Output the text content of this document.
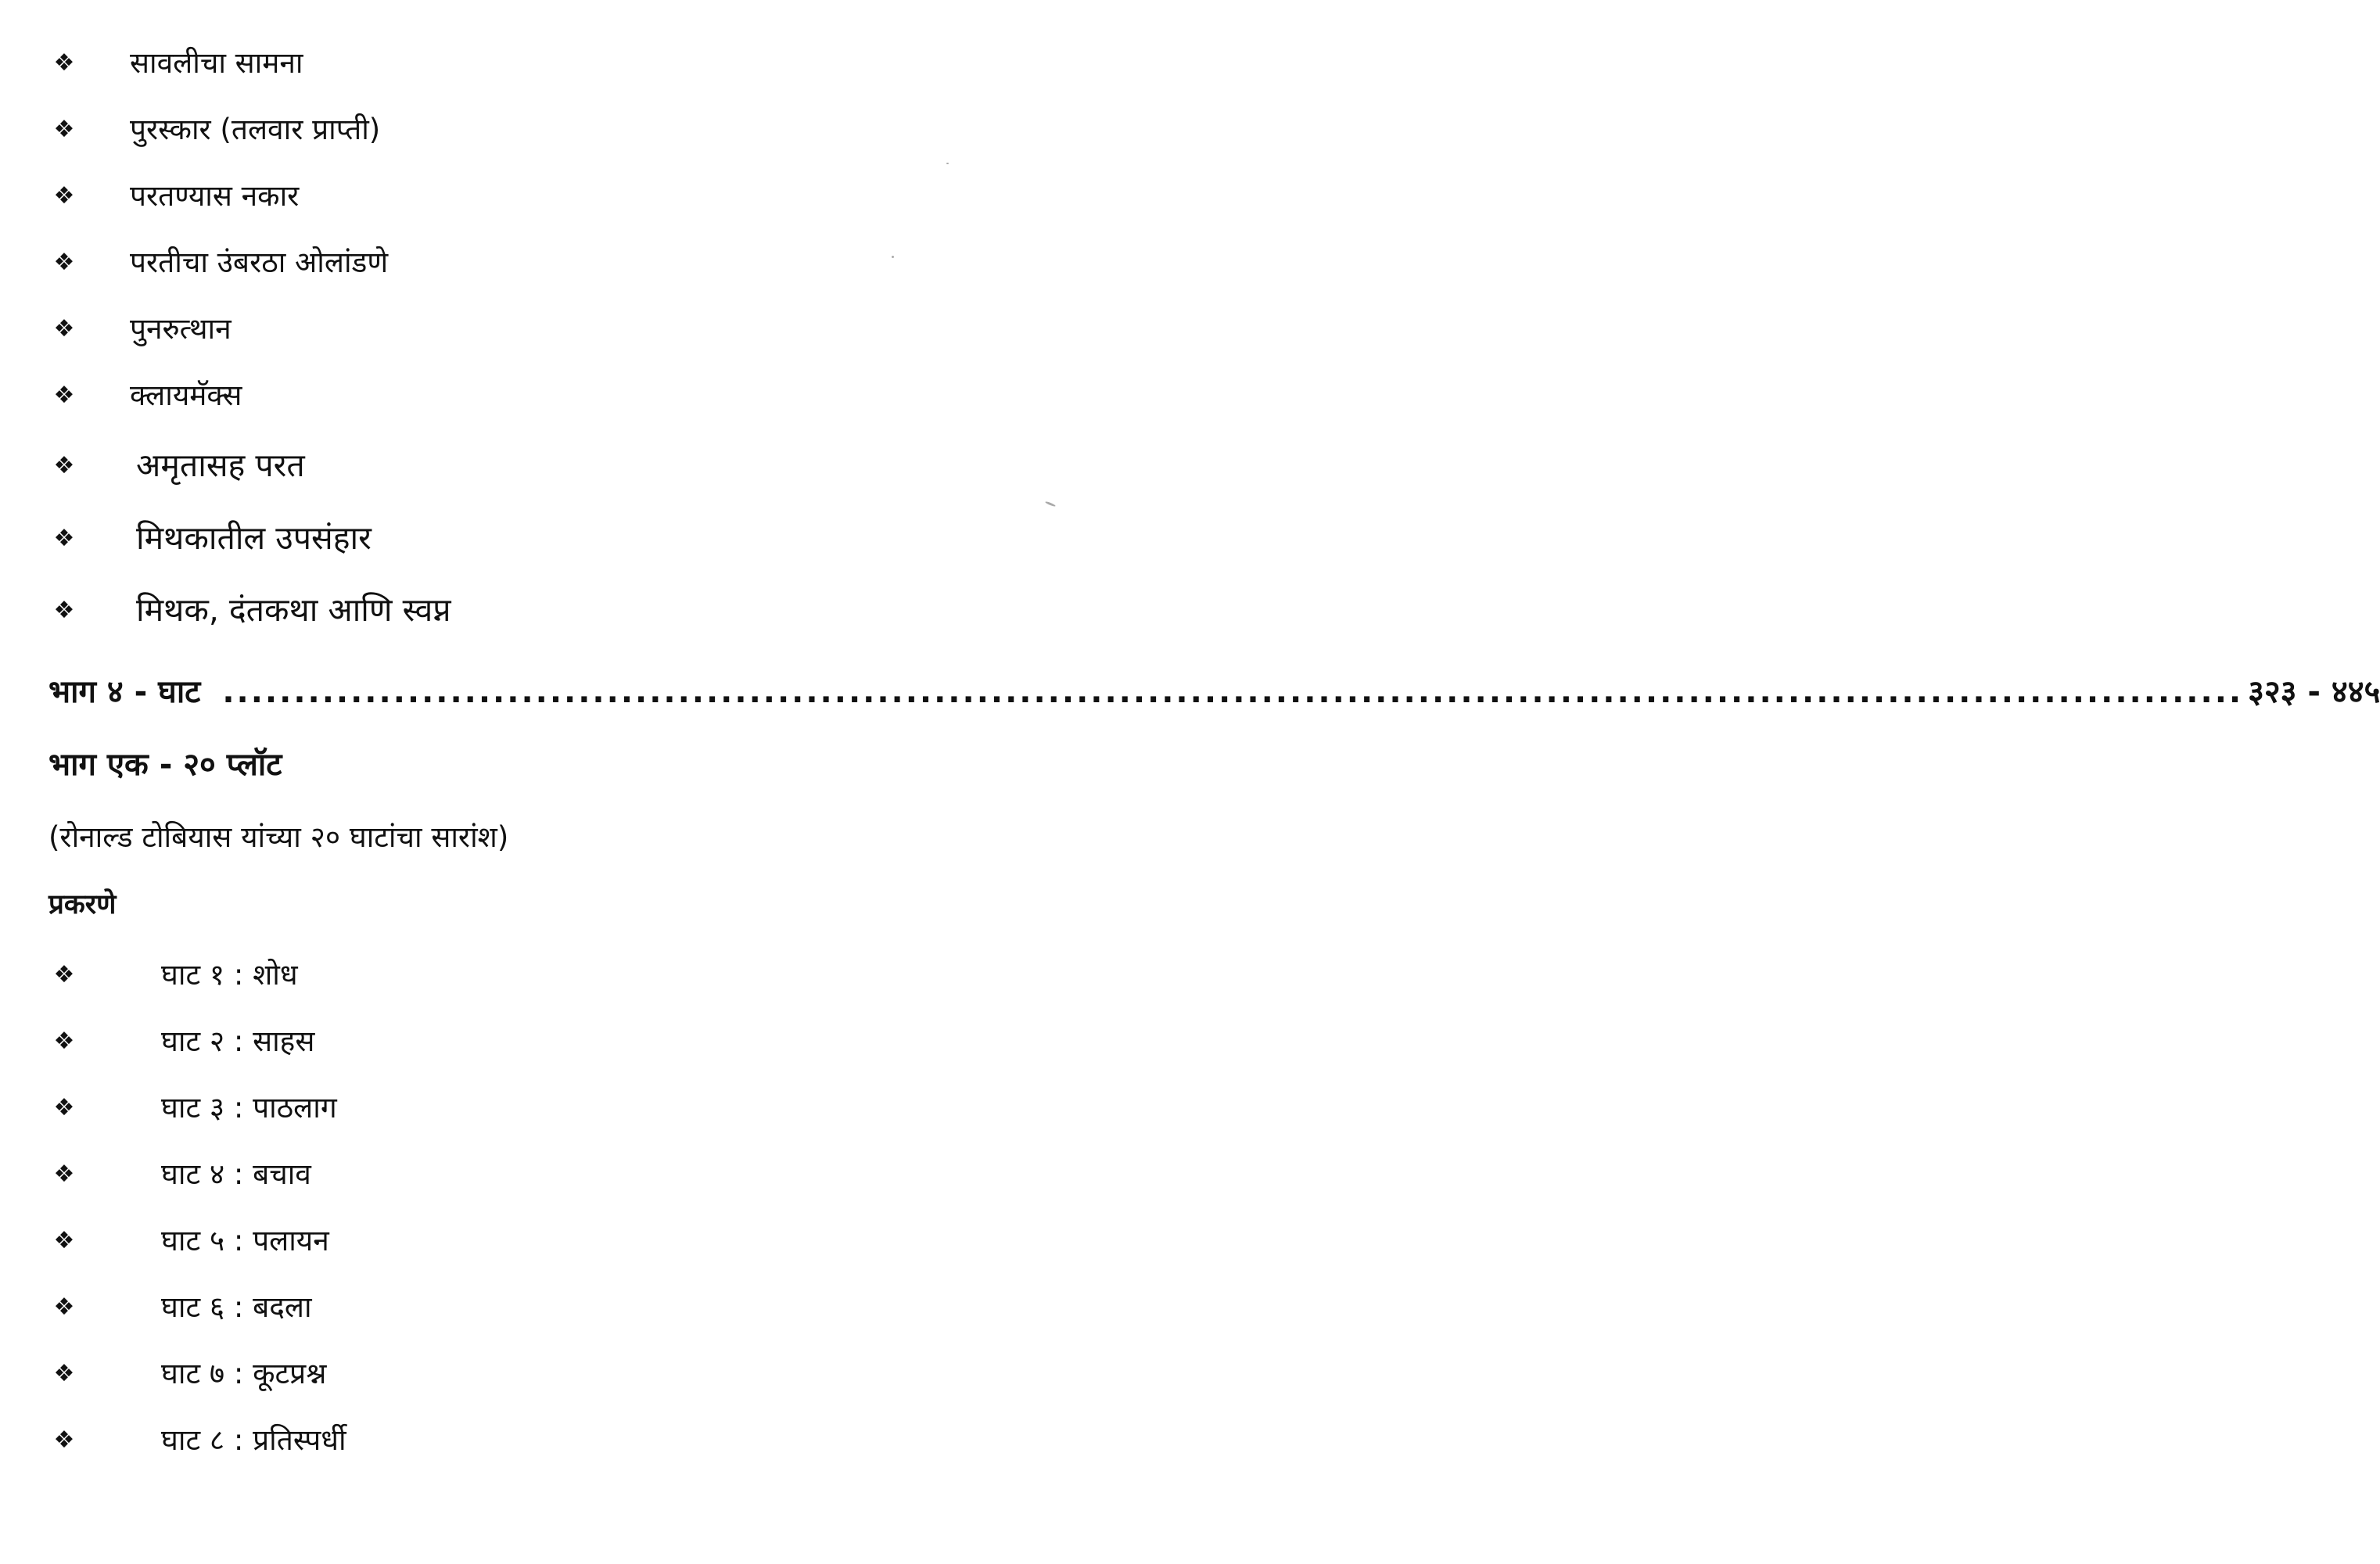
❖ सावलीचा सामना
❖ पुरस्कार (तलवार प्राप्ती)
❖ परतण्यास नकार
❖ परतीचा उंबरठा ओलांडणे
❖ पुनरुत्थान
❖ क्लायमॅक्स
❖ अमृतासह परत
❖ मिथकातील उपसंहार
❖ मिथक, दंतकथा आणि स्वप्न
भाग ४ - घाट .............................................................................................................................................. ३२३ - ४४५
भाग एक - २० प्लॉट
(रोनाल्ड टोबियास यांच्या २० घाटांचा सारांश)
प्रकरणे
❖	घाट १ : शोध
❖	घाट २ : साहस
❖	घाट ३ : पाठलाग
❖	घाट ४ : बचाव
❖	घाट ५ : पलायन
❖	घाट ६ : बदला
❖	घाट ७ : कूटप्रश्न
❖	घाट ८ : प्रतिस्पर्धी
